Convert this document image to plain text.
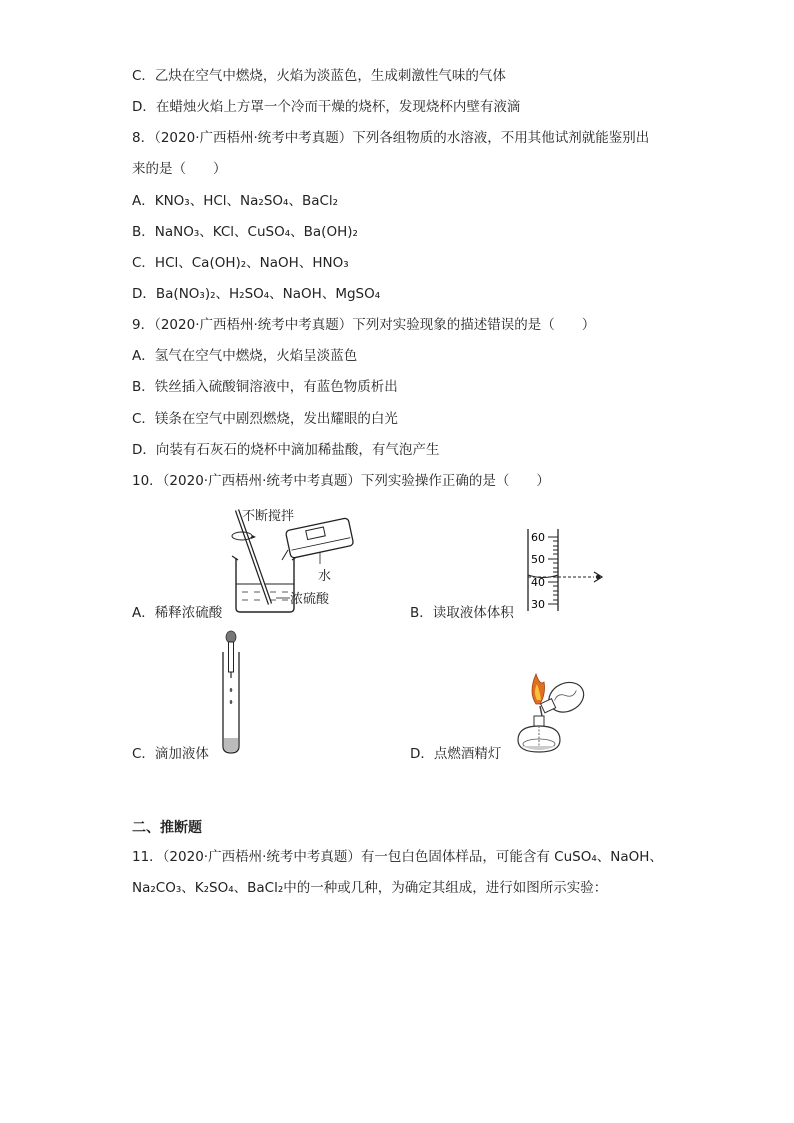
C．乙炔在空气中燃烧，火焰为淡蓝色，生成刺激性气味的气体
D．在蜡烛火焰上方罩一个冷而干燥的烧杯，发现烧杯内壁有液滴
8．（2020·广西梧州·统考中考真题）下列各组物质的水溶液，不用其他试剂就能鉴别出
来的是（　　）
A．KNO₃、HCl、Na₂SO₄、BaCl₂
B．NaNO₃、KCl、CuSO₄、Ba(OH)₂
C．HCl、Ca(OH)₂、NaOH、HNO₃
D．Ba(NO₃)₂、H₂SO₄、NaOH、MgSO₄
9．（2020·广西梧州·统考中考真题）下列对实验现象的描述错误的是（　　）
A．氢气在空气中燃烧，火焰呈淡蓝色
B．铁丝插入硫酸铜溶液中，有蓝色物质析出
C．镁条在空气中剧烈燃烧，发出耀眼的白光
D．向装有石灰石的烧杯中滴加稀盐酸，有气泡产生
10．（2020·广西梧州·统考中考真题）下列实验操作正确的是（　　）
不断搅拌
水
浓硫酸
A．稀释浓硫酸
60
50
40
30
B．读取液体体积
C．滴加液体	D．点燃酒精灯
二、推断题
11．（2020·广西梧州·统考中考真题）有一包白色固体样品，可能含有 CuSO₄、NaOH、
Na₂CO₃、K₂SO₄、BaCl₂中的一种或几种，为确定其组成，进行如图所示实验：
